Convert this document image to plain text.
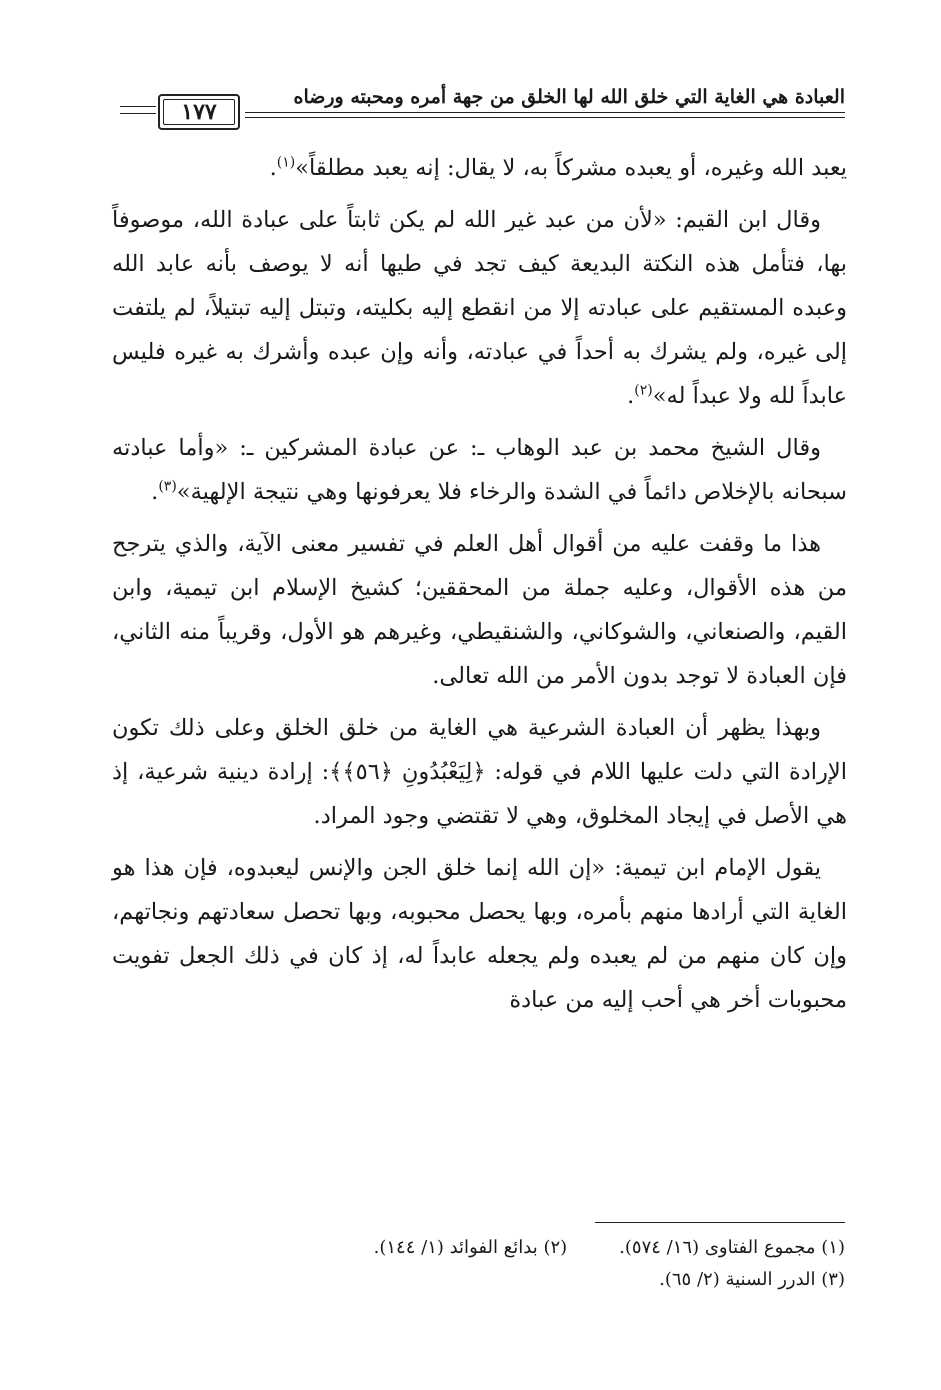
العبادة هي الغاية التي خلق الله لها الخلق من جهة أمره ومحبته ورضاه
١٧٧

يعبد الله وغيره، أو يعبده مشركاً به، لا يقال: إنه يعبد مطلقاً»$^{(١)}$.

وقال ابن القيم: «لأن من عبد غير الله لم يكن ثابتاً على عبادة الله، موصوفاً بها، فتأمل هذه النكتة البديعة كيف تجد في طيها أنه لا يوصف بأنه عابد الله وعبده المستقيم على عبادته إلا من انقطع إليه بكليته، وتبتل إليه تبتيلاً، لم يلتفت إلى غيره، ولم يشرك به أحداً في عبادته، وأنه وإن عبده وأشرك به غيره فليس عابداً لله ولا عبداً له»$^{(٢)}$.

وقال الشيخ محمد بن عبد الوهاب ـ: عن عبادة المشركين ـ: «وأما عبادته سبحانه بالإخلاص دائماً في الشدة والرخاء فلا يعرفونها وهي نتيجة الإلهية»$^{(٣)}$.

هذا ما وقفت عليه من أقوال أهل العلم في تفسير معنى الآية، والذي يترجح من هذه الأقوال، وعليه جملة من المحققين؛ كشيخ الإسلام ابن تيمية، وابن القيم، والصنعاني، والشوكاني، والشنقيطي، وغيرهم هو الأول، وقريباً منه الثاني، فإن العبادة لا توجد بدون الأمر من الله تعالى.

وبهذا يظهر أن العبادة الشرعية هي الغاية من خلق الخلق وعلى ذلك تكون الإرادة التي دلت عليها اللام في قوله: ﴿لِيَعْبُدُونِ ﴿٥٦﴾﴾: إرادة دينية شرعية، إذ هي الأصل في إيجاد المخلوق، وهي لا تقتضي وجود المراد.

يقول الإمام ابن تيمية: «إن الله إنما خلق الجن والإنس ليعبدوه، فإن هذا هو الغاية التي أرادها منهم بأمره، وبها يحصل محبوبه، وبها تحصل سعادتهم ونجاتهم، وإن كان منهم من لم يعبده ولم يجعله عابداً له، إذ كان في ذلك الجعل تفويت محبوبات أخر هي أحب إليه من عبادة

(١) مجموع الفتاوى (١٦/ ٥٧٤).
(٢) بدائع الفوائد (١/ ١٤٤).
(٣) الدرر السنية (٢/ ٦٥).
